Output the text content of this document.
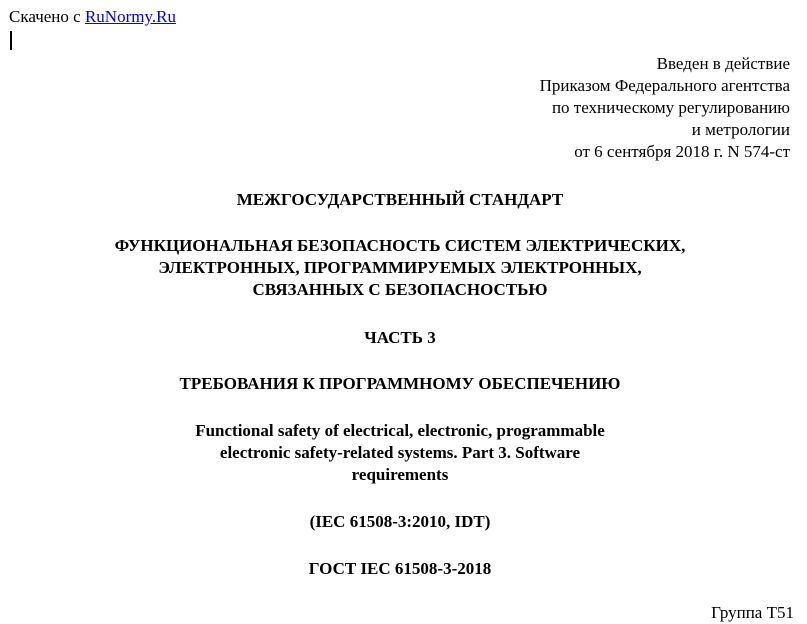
Скачено с RuNormy.Ru
Введен в действие
Приказом Федерального агентства
по техническому регулированию
и метрологии
от 6 сентября 2018 г. N 574-ст
МЕЖГОСУДАРСТВЕННЫЙ СТАНДАРТ
ФУНКЦИОНАЛЬНАЯ БЕЗОПАСНОСТЬ СИСТЕМ ЭЛЕКТРИЧЕСКИХ,
ЭЛЕКТРОННЫХ, ПРОГРАММИРУЕМЫХ ЭЛЕКТРОННЫХ,
СВЯЗАННЫХ С БЕЗОПАСНОСТЬЮ
ЧАСТЬ 3
ТРЕБОВАНИЯ К ПРОГРАММНОМУ ОБЕСПЕЧЕНИЮ
Functional safety of electrical, electronic, programmable
electronic safety-related systems. Part 3. Software
requirements
(IEC 61508-3:2010, IDT)
ГОСТ IEC 61508-3-2018
Группа Т51
